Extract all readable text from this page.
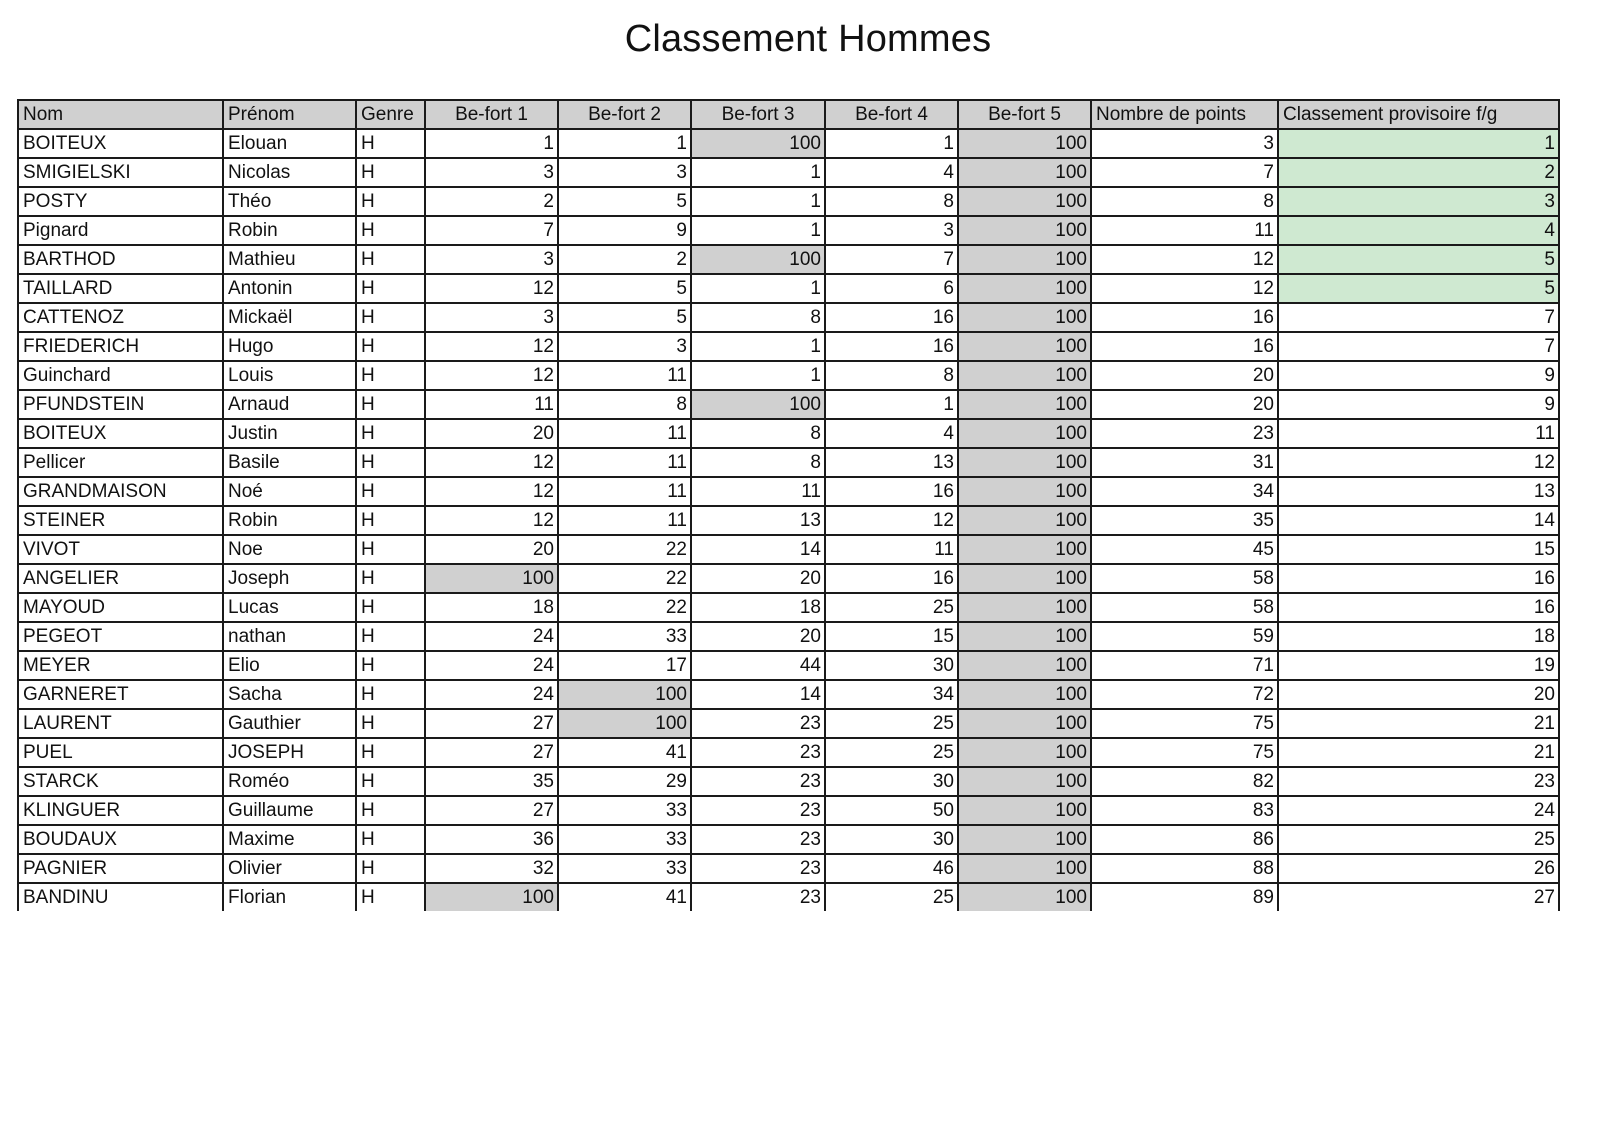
Classement Hommes
Nom	Prénom	Genre	Be-fort 1	Be-fort 2	Be-fort 3	Be-fort 4	Be-fort 5	Nombre de points	Classement provisoire f/g
BOITEUX	Elouan	H	1	1	100	1	100	3	1
SMIGIELSKI	Nicolas	H	3	3	1	4	100	7	2
POSTY	Théo	H	2	5	1	8	100	8	3
Pignard	Robin	H	7	9	1	3	100	11	4
BARTHOD	Mathieu	H	3	2	100	7	100	12	5
TAILLARD	Antonin	H	12	5	1	6	100	12	5
CATTENOZ	Mickaël	H	3	5	8	16	100	16	7
FRIEDERICH	Hugo	H	12	3	1	16	100	16	7
Guinchard	Louis	H	12	11	1	8	100	20	9
PFUNDSTEIN	Arnaud	H	11	8	100	1	100	20	9
BOITEUX	Justin	H	20	11	8	4	100	23	11
Pellicer	Basile	H	12	11	8	13	100	31	12
GRANDMAISON	Noé	H	12	11	11	16	100	34	13
STEINER	Robin	H	12	11	13	12	100	35	14
VIVOT	Noe	H	20	22	14	11	100	45	15
ANGELIER	Joseph	H	100	22	20	16	100	58	16
MAYOUD	Lucas	H	18	22	18	25	100	58	16
PEGEOT	nathan	H	24	33	20	15	100	59	18
MEYER	Elio	H	24	17	44	30	100	71	19
GARNERET	Sacha	H	24	100	14	34	100	72	20
LAURENT	Gauthier	H	27	100	23	25	100	75	21
PUEL	JOSEPH	H	27	41	23	25	100	75	21
STARCK	Roméo	H	35	29	23	30	100	82	23
KLINGUER	Guillaume	H	27	33	23	50	100	83	24
BOUDAUX	Maxime	H	36	33	23	30	100	86	25
PAGNIER	Olivier	H	32	33	23	46	100	88	26
BANDINU	Florian	H	100	41	23	25	100	89	27
